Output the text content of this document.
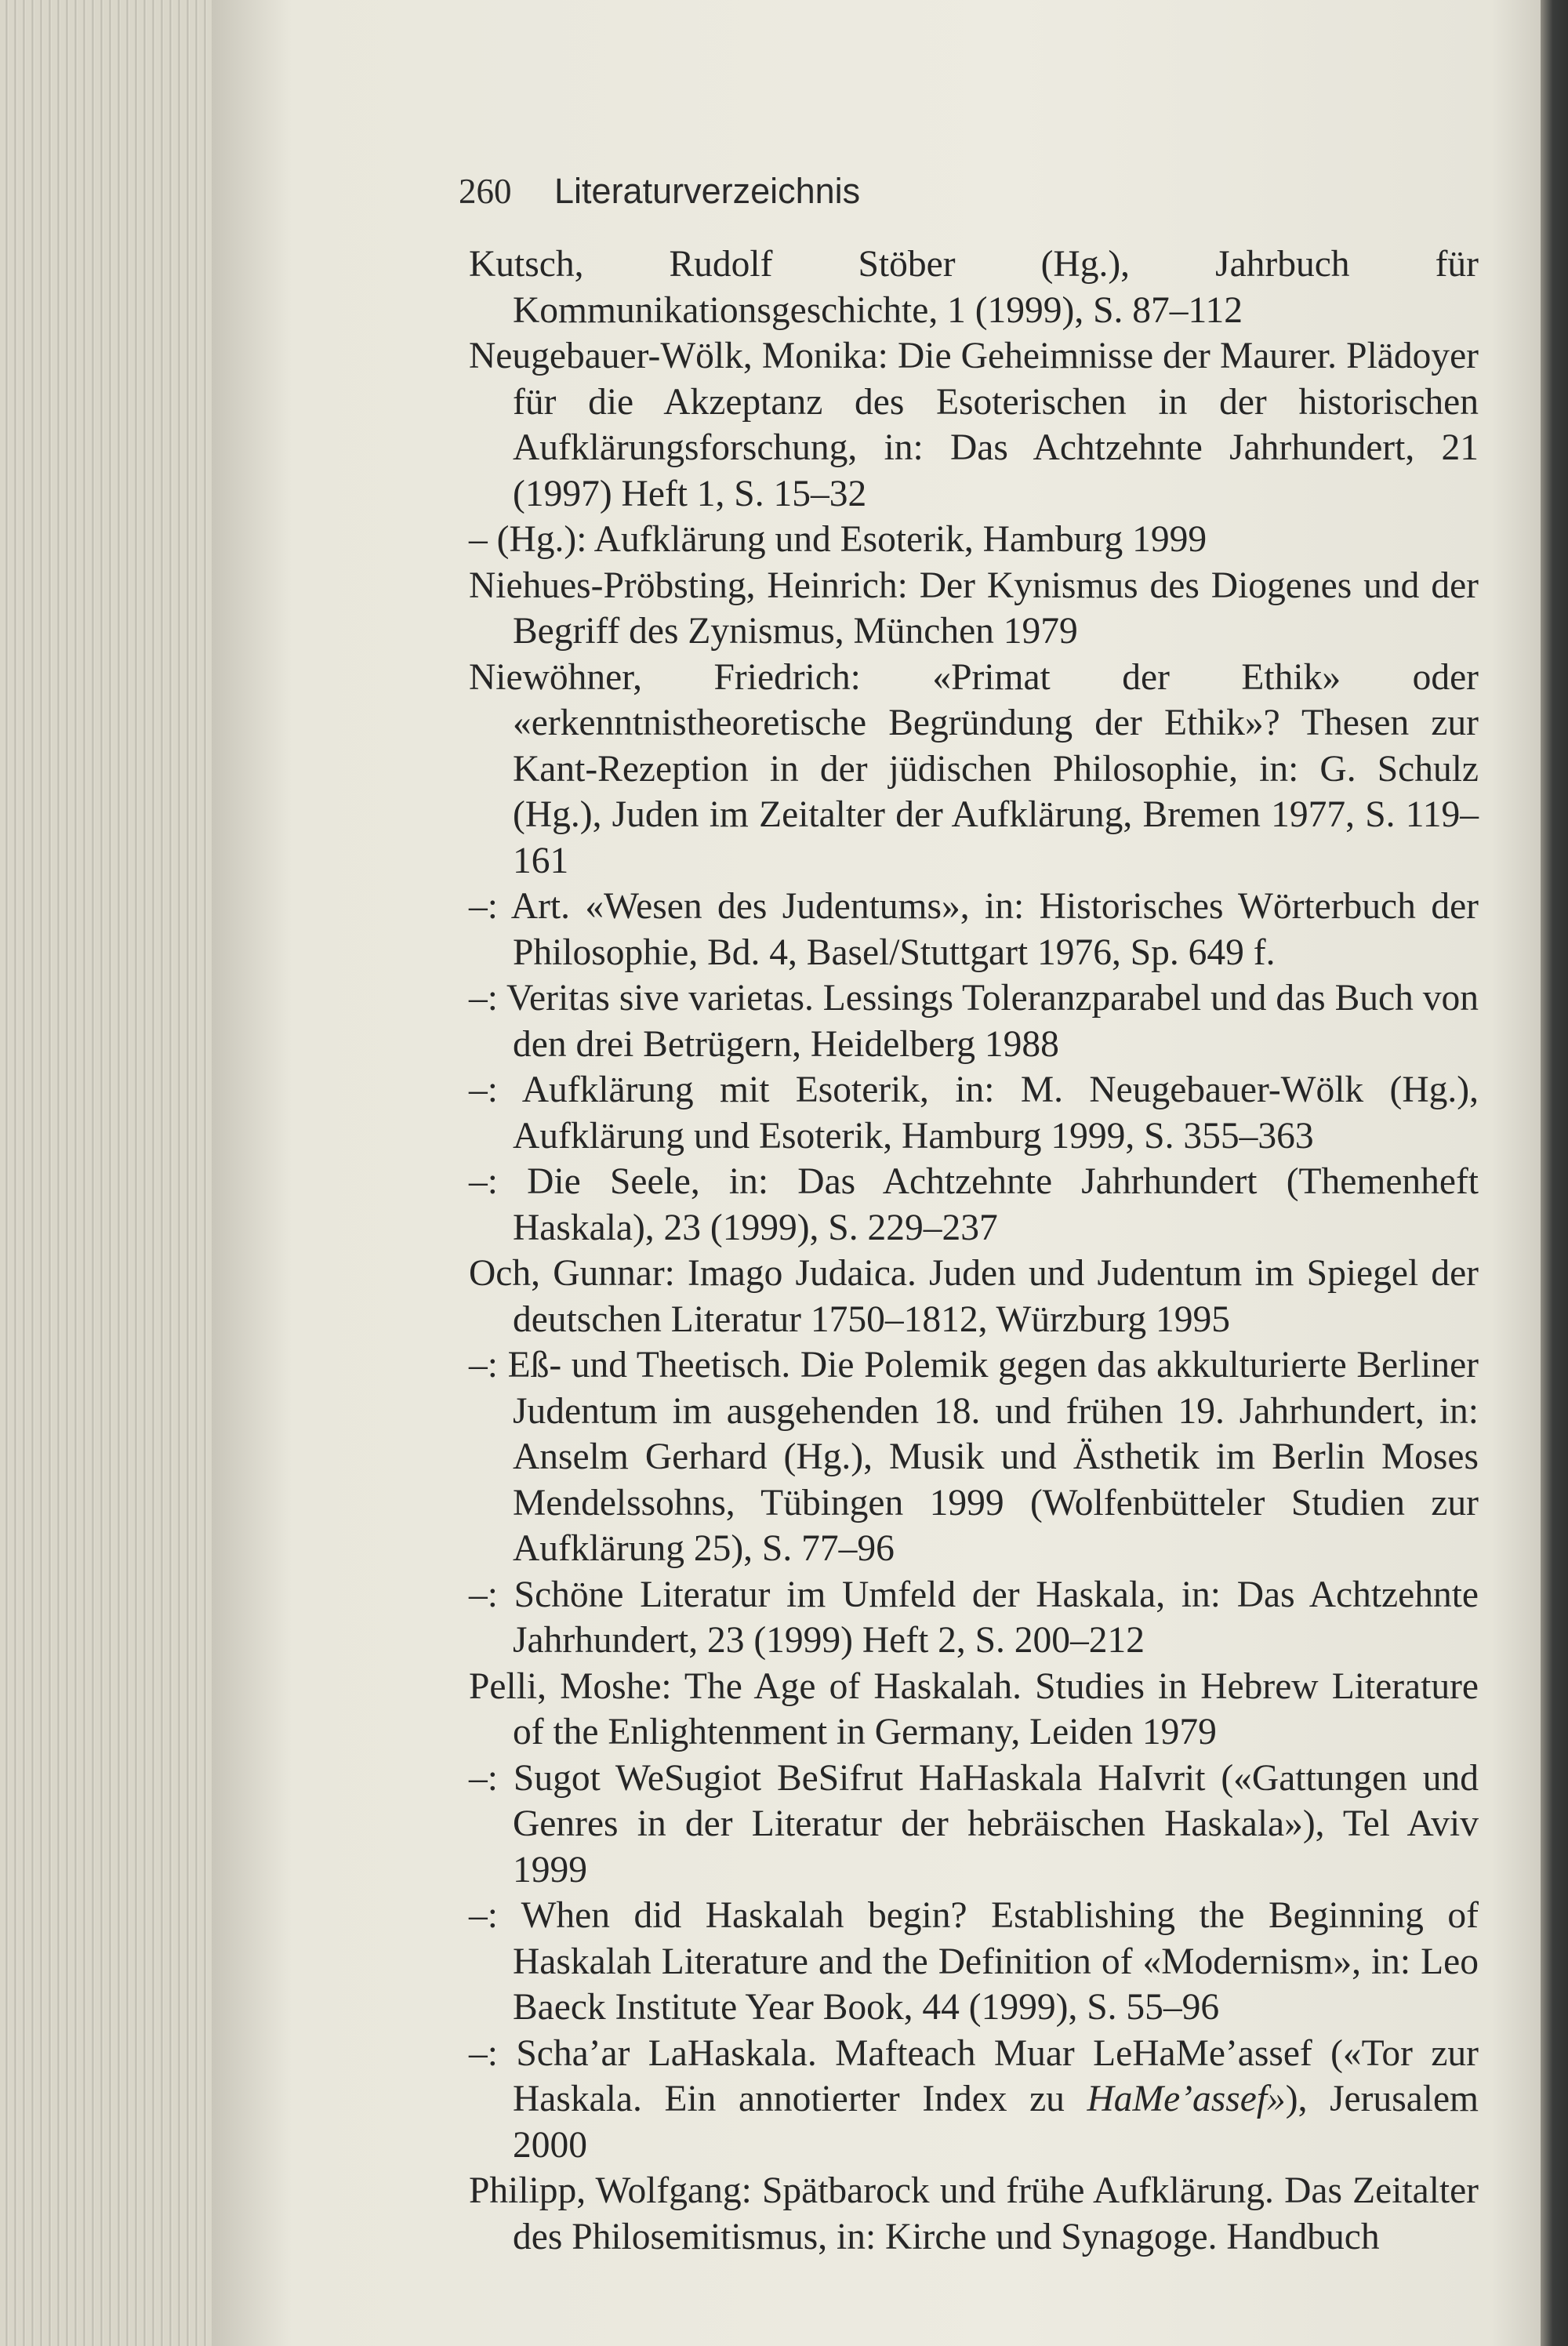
260 Literaturverzeichnis

Kutsch, Rudolf Stöber (Hg.), Jahrbuch für Kommunikationsgeschichte, 1 (1999), S. 87–112

Neugebauer-Wölk, Monika: Die Geheimnisse der Maurer. Plädoyer für die Akzeptanz des Esoterischen in der historischen Aufklärungsforschung, in: Das Achtzehnte Jahrhundert, 21 (1997) Heft 1, S. 15–32

– (Hg.): Aufklärung und Esoterik, Hamburg 1999

Niehues-Pröbsting, Heinrich: Der Kynismus des Diogenes und der Begriff des Zynismus, München 1979

Niewöhner, Friedrich: «Primat der Ethik» oder «erkenntnistheoretische Begründung der Ethik»? Thesen zur Kant-Rezeption in der jüdischen Philosophie, in: G. Schulz (Hg.), Juden im Zeitalter der Aufklärung, Bremen 1977, S. 119–161

–: Art. «Wesen des Judentums», in: Historisches Wörterbuch der Philosophie, Bd. 4, Basel/Stuttgart 1976, Sp. 649 f.

–: Veritas sive varietas. Lessings Toleranzparabel und das Buch von den drei Betrügern, Heidelberg 1988

–: Aufklärung mit Esoterik, in: M. Neugebauer-Wölk (Hg.), Aufklärung und Esoterik, Hamburg 1999, S. 355–363

–: Die Seele, in: Das Achtzehnte Jahrhundert (Themenheft Haskala), 23 (1999), S. 229–237

Och, Gunnar: Imago Judaica. Juden und Judentum im Spiegel der deutschen Literatur 1750–1812, Würzburg 1995

–: Eß- und Theetisch. Die Polemik gegen das akkulturierte Berliner Judentum im ausgehenden 18. und frühen 19. Jahrhundert, in: Anselm Gerhard (Hg.), Musik und Ästhetik im Berlin Moses Mendelssohns, Tübingen 1999 (Wolfenbütteler Studien zur Aufklärung 25), S. 77–96

–: Schöne Literatur im Umfeld der Haskala, in: Das Achtzehnte Jahrhundert, 23 (1999) Heft 2, S. 200–212

Pelli, Moshe: The Age of Haskalah. Studies in Hebrew Literature of the Enlightenment in Germany, Leiden 1979

–: Sugot WeSugiot BeSifrut HaHaskala HaIvrit («Gattungen und Genres in der Literatur der hebräischen Haskala»), Tel Aviv 1999

–: When did Haskalah begin? Establishing the Beginning of Haskalah Literature and the Definition of «Modernism», in: Leo Baeck Institute Year Book, 44 (1999), S. 55–96

–: Scha’ar LaHaskala. Mafteach Muar LeHaMe’assef («Tor zur Haskala. Ein annotierter Index zu HaMe’assef»), Jerusalem 2000

Philipp, Wolfgang: Spätbarock und frühe Aufklärung. Das Zeitalter des Philosemitismus, in: Kirche und Synagoge. Handbuch
